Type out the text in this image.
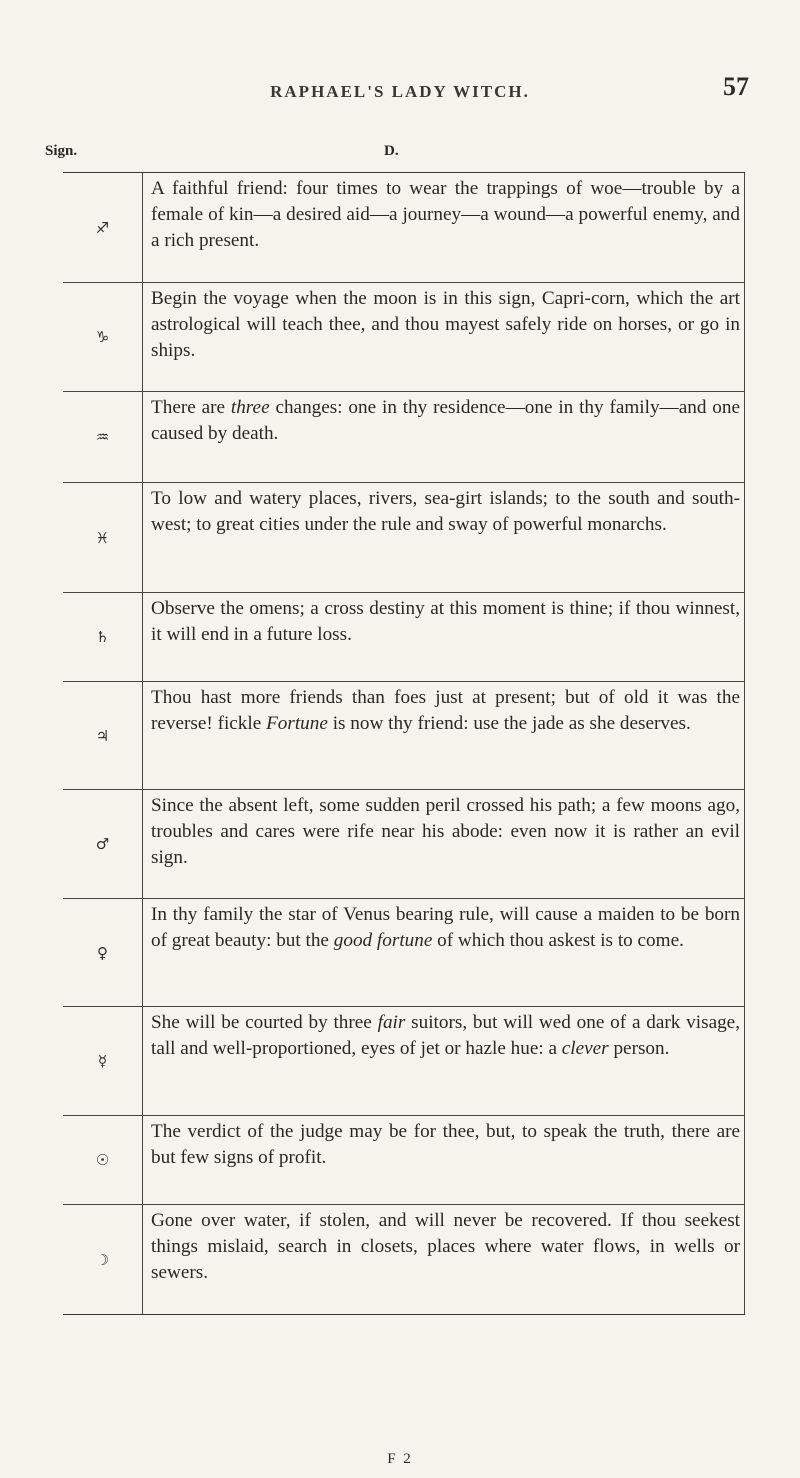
RAPHAEL'S LADY WITCH.	57
Sign.	D.
♐
A faithful friend: four times to wear the trappings of woe—trouble by a female of kin—a desired aid—a journey—a wound—a powerful enemy, and a rich present.
♑
Begin the voyage when the moon is in this sign, Capri-corn, which the art astrological will teach thee, and thou mayest safely ride on horses, or go in ships.
♒
There are three changes: one in thy residence—one in thy family—and one caused by death.
♓
To low and watery places, rivers, sea-girt islands; to the south and south-west; to great cities under the rule and sway of powerful monarchs.
♄
Observe the omens; a cross destiny at this moment is thine; if thou winnest, it will end in a future loss.
♃
Thou hast more friends than foes just at present; but of old it was the reverse! fickle Fortune is now thy friend: use the jade as she deserves.
♂
Since the absent left, some sudden peril crossed his path; a few moons ago, troubles and cares were rife near his abode: even now it is rather an evil sign.
♀
In thy family the star of Venus bearing rule, will cause a maiden to be born of great beauty: but the good fortune of which thou askest is to come.
☿
She will be courted by three fair suitors, but will wed one of a dark visage, tall and well-proportioned, eyes of jet or hazle hue: a clever person.
☉
The verdict of the judge may be for thee, but, to speak the truth, there are but few signs of profit.
☽
Gone over water, if stolen, and will never be recovered. If thou seekest things mislaid, search in closets, places where water flows, in wells or sewers.
F 2
